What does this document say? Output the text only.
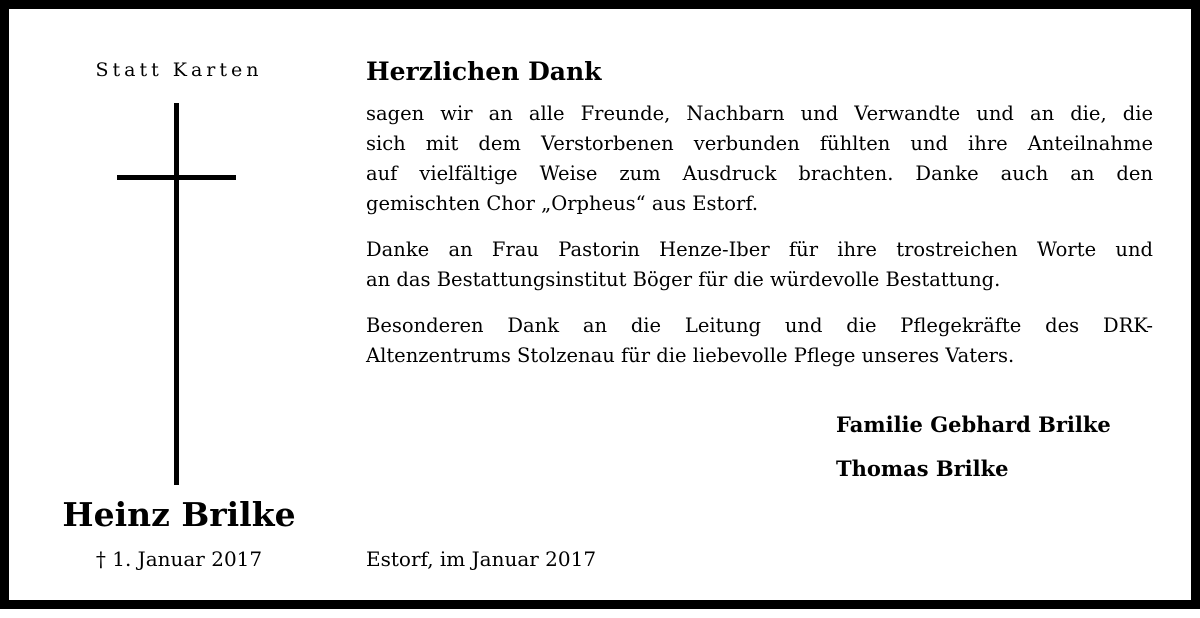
Statt Karten
Heinz Brilke
† 1. Januar 2017
Herzlichen Dank
sagen wir an alle Freunde, Nachbarn und Verwandte und an die, die
sich mit dem Verstorbenen verbunden fühlten und ihre Anteilnahme
auf vielfältige Weise zum Ausdruck brachten. Danke auch an den
gemischten Chor „Orpheus“ aus Estorf.
Danke an Frau Pastorin Henze-Iber für ihre trostreichen Worte und
an das Bestattungsinstitut Böger für die würdevolle Bestattung.
Besonderen Dank an die Leitung und die Pflegekräfte des DRK-
Altenzentrums Stolzenau für die liebevolle Pflege unseres Vaters.
Familie Gebhard Brilke
Thomas Brilke
Estorf, im Januar 2017
